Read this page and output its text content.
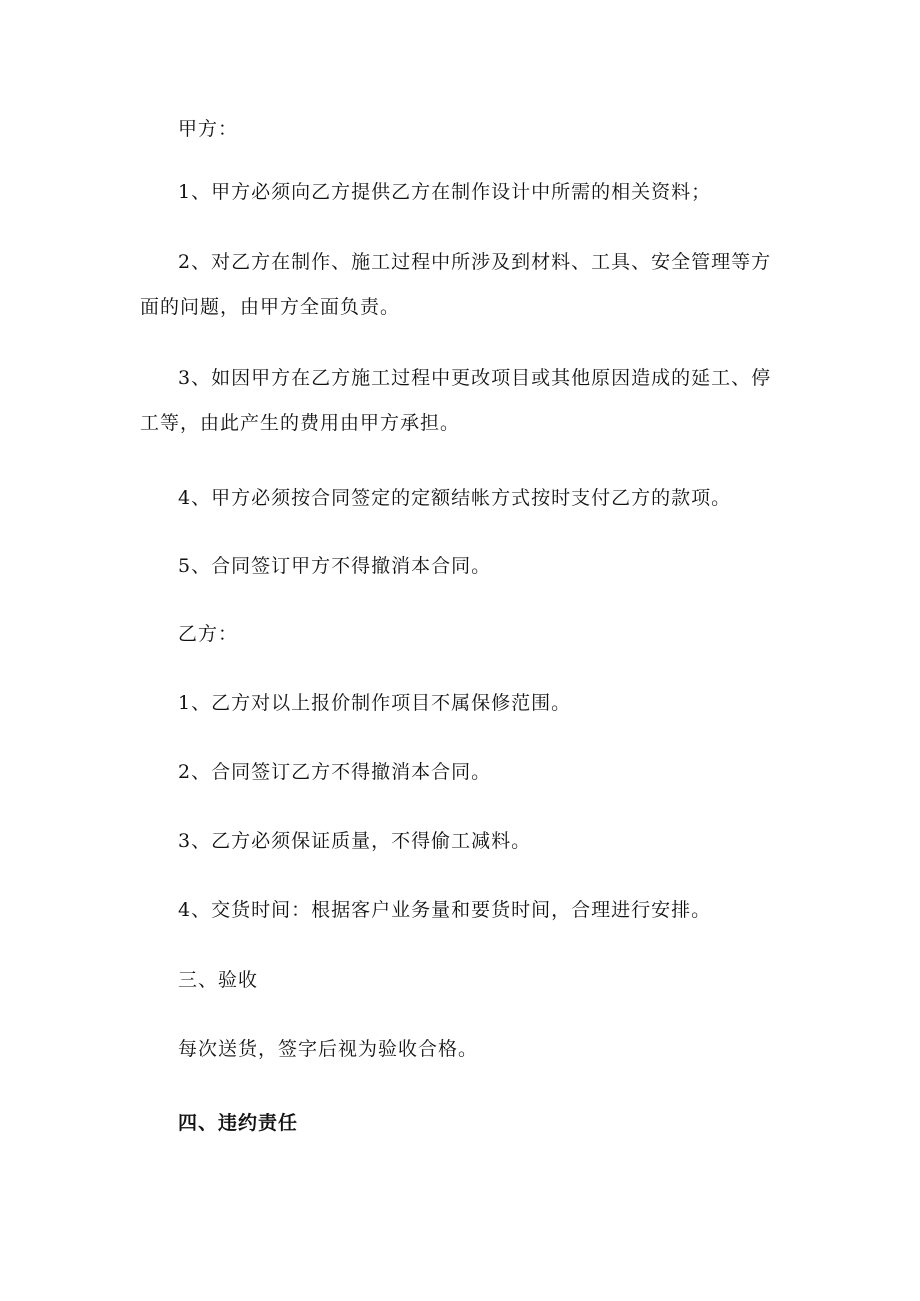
甲方：
1、甲方必须向乙方提供乙方在制作设计中所需的相关资料；
2、对乙方在制作、施工过程中所涉及到材料、工具、安全管理等方面的问题，由甲方全面负责。
3、如因甲方在乙方施工过程中更改项目或其他原因造成的延工、停工等，由此产生的费用由甲方承担。
4、甲方必须按合同签定的定额结帐方式按时支付乙方的款项。
5、合同签订甲方不得撤消本合同。
乙方：
1、乙方对以上报价制作项目不属保修范围。
2、合同签订乙方不得撤消本合同。
3、乙方必须保证质量，不得偷工减料。
4、交货时间：根据客户业务量和要货时间，合理进行安排。
三、验收
每次送货，签字后视为验收合格。
四、违约责任
